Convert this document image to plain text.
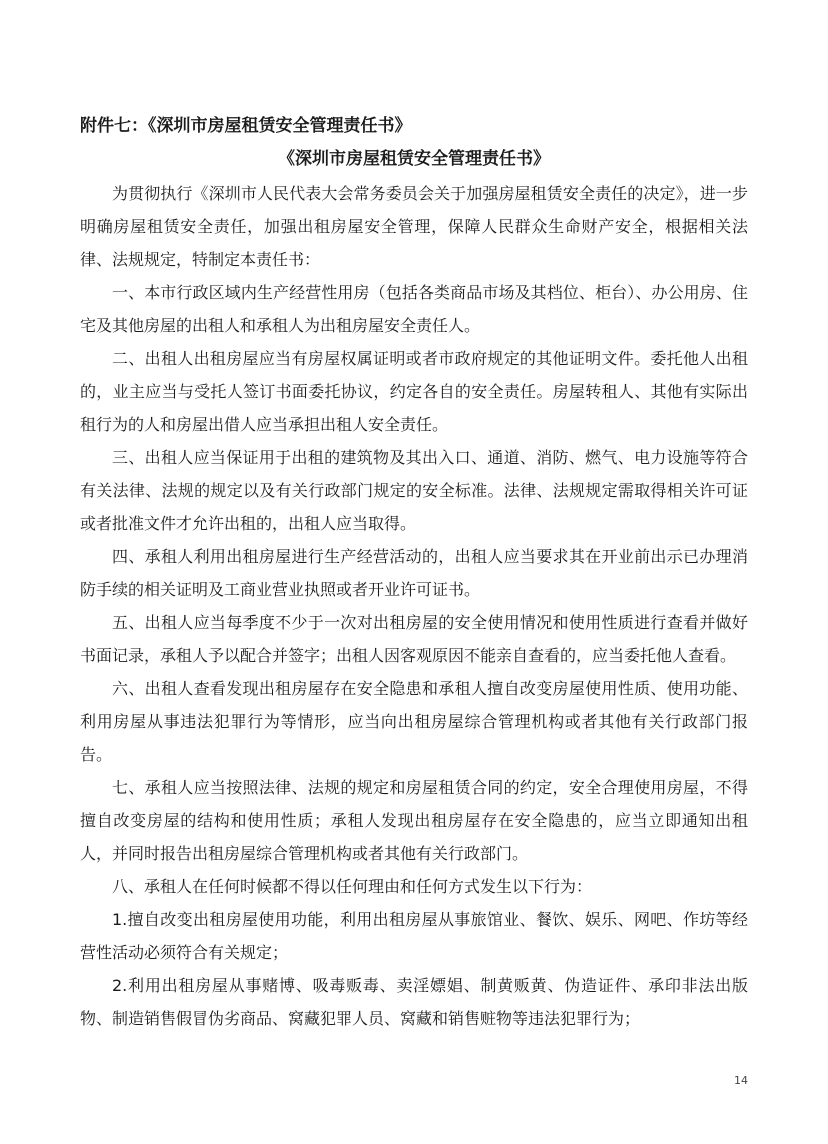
附件七：《深圳市房屋租赁安全管理责任书》
《深圳市房屋租赁安全管理责任书》

为贯彻执行《深圳市人民代表大会常务委员会关于加强房屋租赁安全责任的决定》，进一步明确房屋租赁安全责任，加强出租房屋安全管理，保障人民群众生命财产安全，根据相关法律、法规规定，特制定本责任书：

一、本市行政区域内生产经营性用房（包括各类商品市场及其档位、柜台）、办公用房、住宅及其他房屋的出租人和承租人为出租房屋安全责任人。

二、出租人出租房屋应当有房屋权属证明或者市政府规定的其他证明文件。委托他人出租的，业主应当与受托人签订书面委托协议，约定各自的安全责任。房屋转租人、其他有实际出租行为的人和房屋出借人应当承担出租人安全责任。

三、出租人应当保证用于出租的建筑物及其出入口、通道、消防、燃气、电力设施等符合有关法律、法规的规定以及有关行政部门规定的安全标准。法律、法规规定需取得相关许可证或者批准文件才允许出租的，出租人应当取得。

四、承租人利用出租房屋进行生产经营活动的，出租人应当要求其在开业前出示已办理消防手续的相关证明及工商业营业执照或者开业许可证书。

五、出租人应当每季度不少于一次对出租房屋的安全使用情况和使用性质进行查看并做好书面记录，承租人予以配合并签字；出租人因客观原因不能亲自查看的，应当委托他人查看。

六、出租人查看发现出租房屋存在安全隐患和承租人擅自改变房屋使用性质、使用功能、利用房屋从事违法犯罪行为等情形，应当向出租房屋综合管理机构或者其他有关行政部门报告。

七、承租人应当按照法律、法规的规定和房屋租赁合同的约定，安全合理使用房屋，不得擅自改变房屋的结构和使用性质；承租人发现出租房屋存在安全隐患的，应当立即通知出租人，并同时报告出租房屋综合管理机构或者其他有关行政部门。

八、承租人在任何时候都不得以任何理由和任何方式发生以下行为：

1.擅自改变出租房屋使用功能，利用出租房屋从事旅馆业、餐饮、娱乐、网吧、作坊等经营性活动必须符合有关规定；

2.利用出租房屋从事赌博、吸毒贩毒、卖淫嫖娼、制黄贩黄、伪造证件、承印非法出版物、制造销售假冒伪劣商品、窝藏犯罪人员、窝藏和销售赃物等违法犯罪行为；

14
